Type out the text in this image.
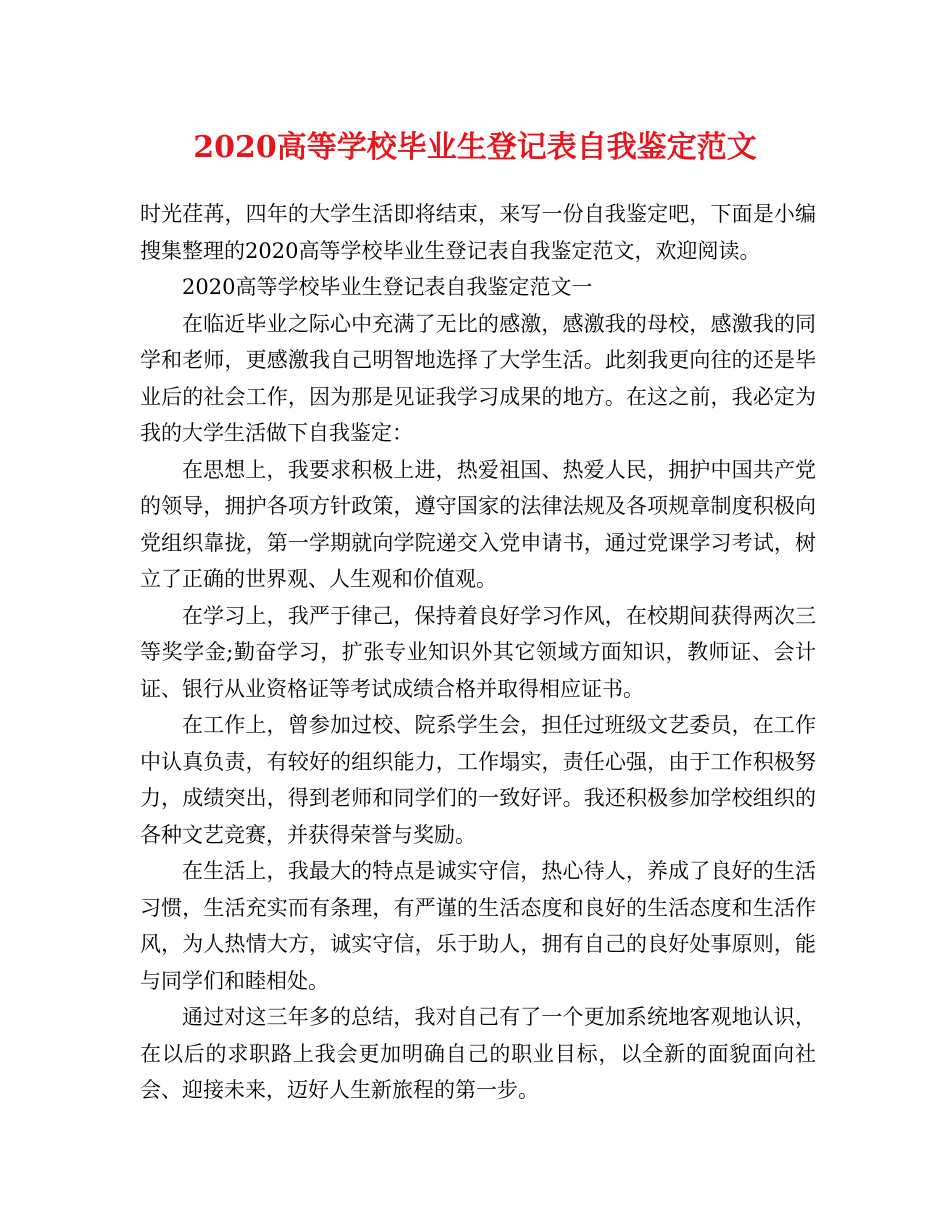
2020高等学校毕业生登记表自我鉴定范文

时光荏苒，四年的大学生活即将结束，来写一份自我鉴定吧，下面是小编搜集整理的2020高等学校毕业生登记表自我鉴定范文，欢迎阅读。

2020高等学校毕业生登记表自我鉴定范文一

在临近毕业之际心中充满了无比的感激，感激我的母校，感激我的同学和老师，更感激我自己明智地选择了大学生活。此刻我更向往的还是毕业后的社会工作，因为那是见证我学习成果的地方。在这之前，我必定为我的大学生活做下自我鉴定：

在思想上，我要求积极上进，热爱祖国、热爱人民，拥护中国共产党的领导，拥护各项方针政策，遵守国家的法律法规及各项规章制度积极向党组织靠拢，第一学期就向学院递交入党申请书，通过党课学习考试，树立了正确的世界观、人生观和价值观。

在学习上，我严于律己，保持着良好学习作风，在校期间获得两次三等奖学金;勤奋学习，扩张专业知识外其它领域方面知识，教师证、会计证、银行从业资格证等考试成绩合格并取得相应证书。

在工作上，曾参加过校、院系学生会，担任过班级文艺委员，在工作中认真负责，有较好的组织能力，工作塌实，责任心强，由于工作积极努力，成绩突出，得到老师和同学们的一致好评。我还积极参加学校组织的各种文艺竞赛，并获得荣誉与奖励。

在生活上，我最大的特点是诚实守信，热心待人，养成了良好的生活习惯，生活充实而有条理，有严谨的生活态度和良好的生活态度和生活作风，为人热情大方，诚实守信，乐于助人，拥有自己的良好处事原则，能与同学们和睦相处。

通过对这三年多的总结，我对自己有了一个更加系统地客观地认识，在以后的求职路上我会更加明确自己的职业目标，以全新的面貌面向社会、迎接未来，迈好人生新旅程的第一步。
